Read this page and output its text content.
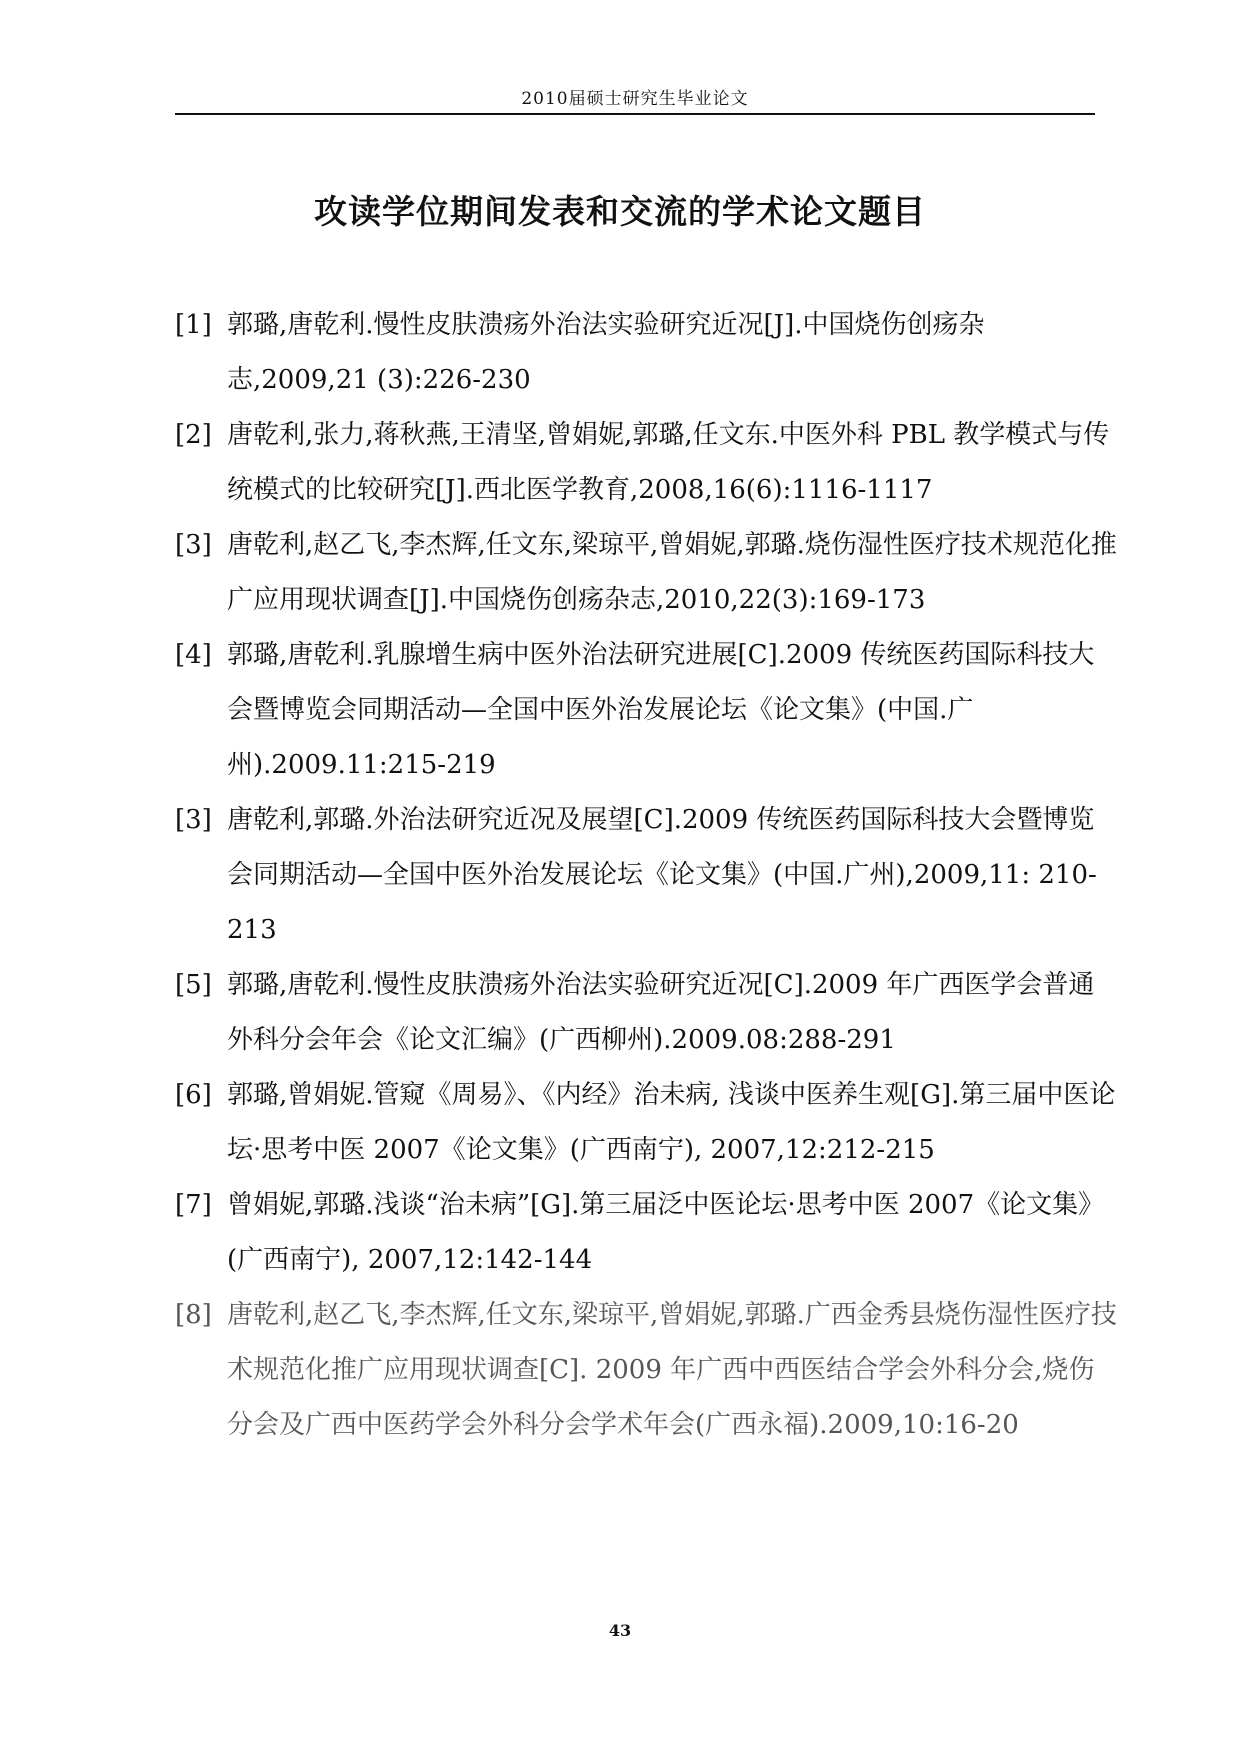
2010届硕士研究生毕业论文
攻读学位期间发表和交流的学术论文题目
[1] 郭璐,唐乾利.慢性皮肤溃疡外治法实验研究近况[J].中国烧伤创疡杂志,2009,21 (3):226-230
[2] 唐乾利,张力,蒋秋燕,王清坚,曾娟妮,郭璐,任文东.中医外科 PBL 教学模式与传统模式的比较研究[J].西北医学教育,2008,16(6):1116-1117
[3] 唐乾利,赵乙飞,李杰辉,任文东,梁琼平,曾娟妮,郭璐.烧伤湿性医疗技术规范化推广应用现状调查[J].中国烧伤创疡杂志,2010,22(3):169-173
[4] 郭璐,唐乾利.乳腺增生病中医外治法研究进展[C].2009 传统医药国际科技大会暨博览会同期活动—全国中医外治发展论坛《论文集》(中国.广州).2009.11:215-219
[3] 唐乾利,郭璐.外治法研究近况及展望[C].2009 传统医药国际科技大会暨博览会同期活动—全国中医外治发展论坛《论文集》(中国.广州),2009,11: 210-213
[5] 郭璐,唐乾利.慢性皮肤溃疡外治法实验研究近况[C].2009 年广西医学会普通外科分会年会《论文汇编》(广西柳州).2009.08:288-291
[6] 郭璐,曾娟妮.管窥《周易》、《内经》治未病, 浅谈中医养生观[G].第三届中医论坛·思考中医 2007《论文集》(广西南宁), 2007,12:212-215
[7] 曾娟妮,郭璐.浅谈“治未病”[G].第三届泛中医论坛·思考中医 2007《论文集》(广西南宁), 2007,12:142-144
[8] 唐乾利,赵乙飞,李杰辉,任文东,梁琼平,曾娟妮,郭璐.广西金秀县烧伤湿性医疗技术规范化推广应用现状调查[C]. 2009 年广西中西医结合学会外科分会,烧伤分会及广西中医药学会外科分会学术年会(广西永福).2009,10:16-20
43
